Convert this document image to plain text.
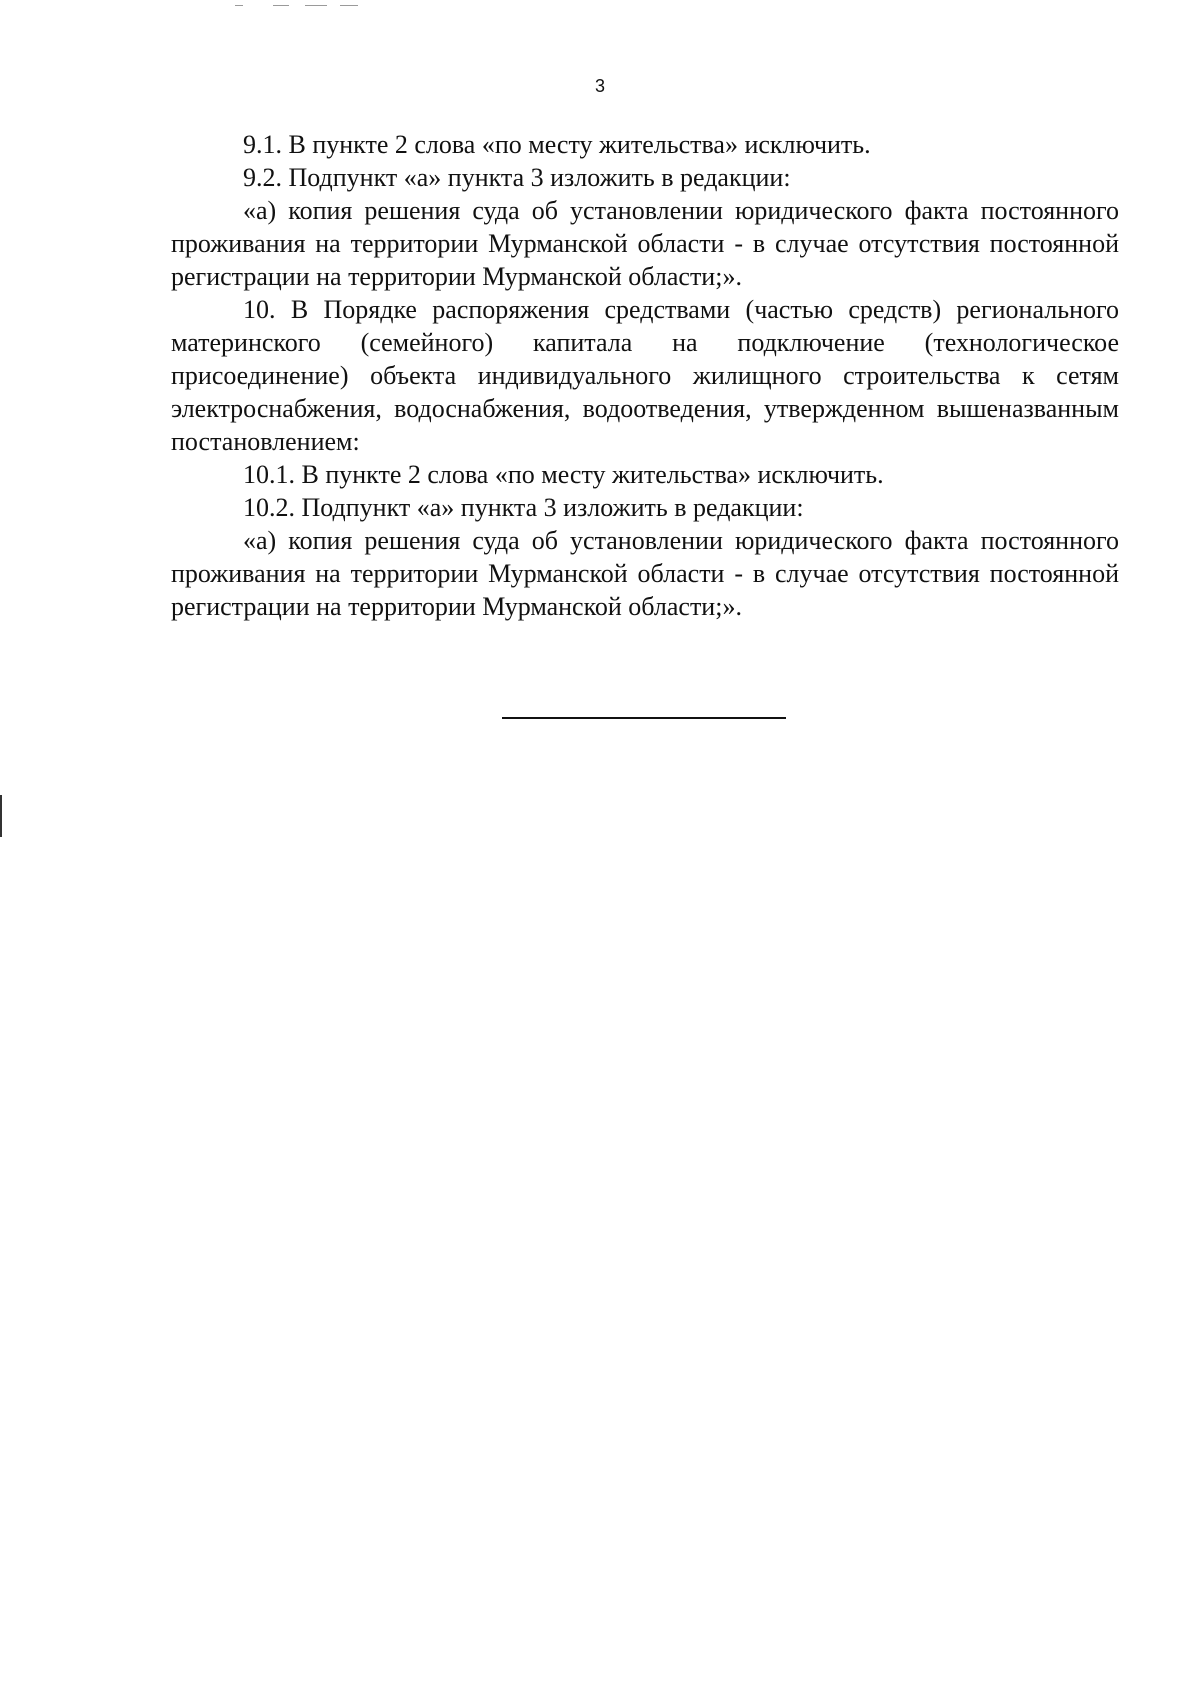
3

9.1. В пункте 2 слова «по месту жительства» исключить.

9.2. Подпункт «а» пункта 3 изложить в редакции:

«а) копия решения суда об установлении юридического факта постоянного проживания на территории Мурманской области - в случае отсутствия постоянной регистрации на территории Мурманской области;».

10. В Порядке распоряжения средствами (частью средств) регионального материнского (семейного) капитала на подключение (технологическое присоединение) объекта индивидуального жилищного строительства к сетям электроснабжения, водоснабжения, водоотведения, утвержденном вышеназванным постановлением:

10.1. В пункте 2 слова «по месту жительства» исключить.

10.2. Подпункт «а» пункта 3 изложить в редакции:

«а) копия решения суда об установлении юридического факта постоянного проживания на территории Мурманской области - в случае отсутствия постоянной регистрации на территории Мурманской области;».
